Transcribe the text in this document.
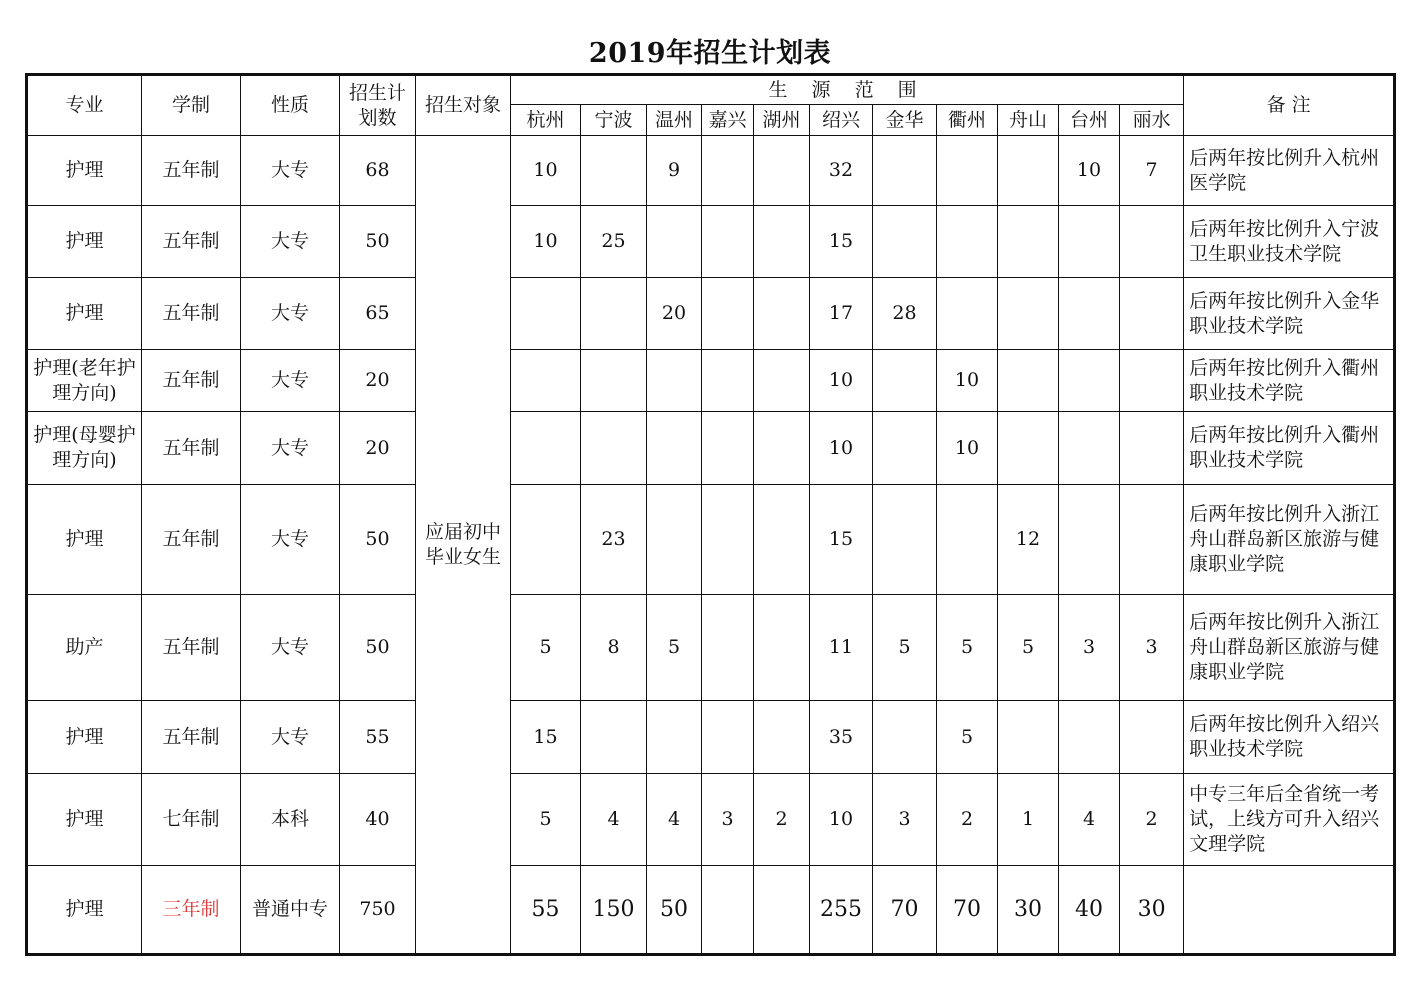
2019年招生计划表
专业	学制	性质	招生计划数	招生对象	生 源 范 围											备 注
					杭州	宁波	温州	嘉兴	湖州	绍兴	金华	衢州	舟山	台州	丽水	
护理	五年制	大专	68	应届初中毕业女生	10		9			32				10	7	后两年按比例升入杭州医学院
护理	五年制	大专	50		10	25				15						后两年按比例升入宁波卫生职业技术学院
护理	五年制	大专	65				20			17	28					后两年按比例升入金华职业技术学院
护理(老年护理方向)	五年制	大专	20							10		10				后两年按比例升入衢州职业技术学院
护理(母婴护理方向)	五年制	大专	20							10		10				后两年按比例升入衢州职业技术学院
护理	五年制	大专	50			23				15			12			后两年按比例升入浙江舟山群岛新区旅游与健康职业学院
助产	五年制	大专	50		5	8	5			11	5	5	5	3	3	后两年按比例升入浙江舟山群岛新区旅游与健康职业学院
护理	五年制	大专	55		15					35		5				后两年按比例升入绍兴职业技术学院
护理	七年制	本科	40		5	4	4	3	2	10	3	2	1	4	2	中专三年后全省统一考试，上线方可升入绍兴文理学院
护理	三年制	普通中专	750		55	150	50			255	70	70	30	40	30	
